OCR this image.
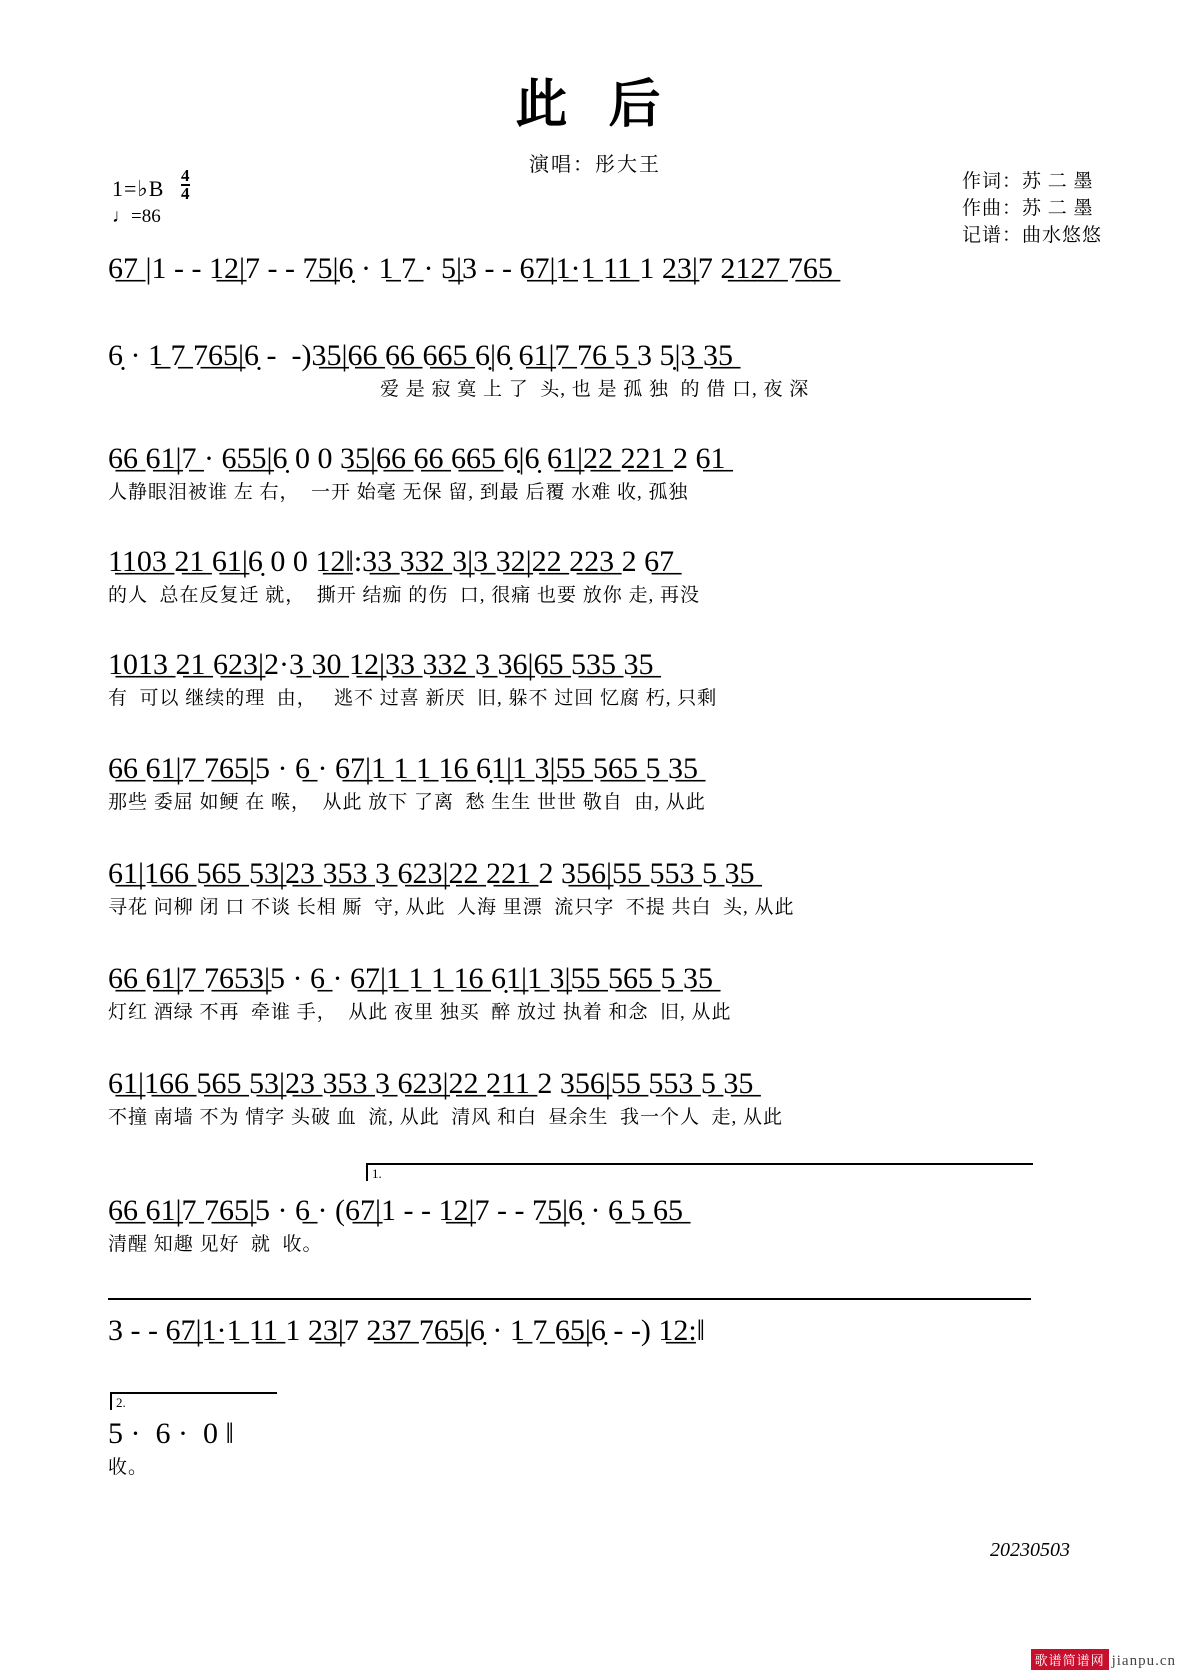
此 后
演唱：彤大王
1=♭B $\frac{4}{4}$
♩=86
作词：苏 二 墨
作曲：苏 二 墨
记谱：曲水悠悠
6̲7̲ |1 - - 1̲2̲|7 - - 7̲5̲|6̣ · 1̲ 7̲ · 5̲|3 - - 6̲7̲|1̲·1̲ 1̲1̲ 1 2̲3̲|7 2̲1̲2̲7̲ 7̲6̲5̲
6̣ · 1̲ 7̲ 7̲6̲5̲|6̣ -  -)3̲5̲|6̲6̲ 6̲6̲ 6̲6̲5̲ 6̣|6̣ 6̲1̲|7̲ 7̲6̲ 5̲ 3 5̣|3̲ 3̲5̲
爱 是 寂 寞 上 了  头, 也 是 孤 独  的 借 口, 夜 深
6̲6̲ 6̲1̲|7̲ · 6̲5̲5̲|6̣ 0 0 3̲5̲|6̲6̲ 6̲6̲ 6̲6̲5̲ 6̣|6̣ 6̲1̲|2̲2̲ 2̲2̲1̲ 2 6̲1̲
人静眼泪被谁 左 右，  一开 始毫 无保 留, 到最 后覆 水难 收, 孤独
1̲1̲0̲3̲ 2̲1̲ 6̲1̲|6̣ 0 0 1̲2̲‖:3̲3̲ 3̲3̲2̲ 3̲|3̲ 3̲2̲|2̲2̲ 2̲2̲3̲ 2 6̲7̲
的人  总在反复迁 就，  撕开 结痂 的伤  口, 很痛 也要 放你 走, 再没
1̲0̲1̲3̲ 2̲1̲ 6̲2̲3̲|2·3̲ 3̲0̲ 1̲2̲|3̲3̲ 3̲3̲2̲ 3̲ 3̲6̲|6̲5̲ 5̲3̲5̲ 3̲5̲
有  可以 继续的理  由，   逃不 过喜 新厌  旧, 躲不 过回 忆腐 朽, 只剩
6̲6̲ 6̲1̲|7̲ 7̲6̲5̲|5 · 6̲ · 6̲7̲|1̲ 1̲ 1̲ 1̲6̲ 6̣1̲|1̲ 3̲|5̲5̲ 5̲6̲5̲ 5̲ 3̲5̲
那些 委屈 如鲠 在 喉，  从此 放下 了离  愁 生生 世世 敬自  由, 从此
6̲1̲|1̲6̲6̲ 5̲6̲5̲ 5̲3̲|2̲3̲ 3̲5̲3̲ 3̲ 6̲2̲3̲|2̲2̲ 2̲2̲1̲ 2 3̲5̲6̲|5̲5̲ 5̲5̲3̲ 5̲ 3̲5̲
寻花 问柳 闭 口 不谈 长相 厮  守, 从此  人海 里漂  流只字  不提 共白  头, 从此
6̲6̲ 6̲1̲|7̲ 7̲6̲5̲3̲|5 · 6̲ · 6̲7̲|1̲ 1̲ 1̲ 1̲6̲ 6̣1̲|1̲ 3̲|5̲5̲ 5̲6̲5̲ 5̲ 3̲5̲
灯红 酒绿 不再  牵谁 手，  从此 夜里 独买  醉 放过 执着 和念  旧, 从此
6̲1̲|1̲6̲6̲ 5̲6̲5̲ 5̲3̲|2̲3̲ 3̲5̲3̲ 3̲ 6̲2̲3̲|2̲2̲ 2̲1̲1̲ 2 3̲5̲6̲|5̲5̲ 5̲5̲3̲ 5̲ 3̲5̲
不撞 南墙 不为 情字 头破 血  流, 从此  清风 和白  昼余生  我一个人  走, 从此
1.
6̲6̲ 6̲1̲|7̲ 7̲6̲5̲|5 · 6̲ · (6̲7̲|1 - - 1̲2̲|7 - - 7̲5̲|6̣ · 6̲ 5̲ 6̲5̲
清醒 知趣 见好  就  收。
3 - - 6̲7̲|1̲·1̲ 1̲1̲ 1 2̲3̲|7 2̲3̲7̲ 7̲6̲5̲|6̣ · 1̲ 7̲ 6̲5̲|6̣ - -) 1̲2̲:‖
2.
5 ·  6 ·  0 ‖
收。
20230503
歌谱简谱网 jianpu.cn
